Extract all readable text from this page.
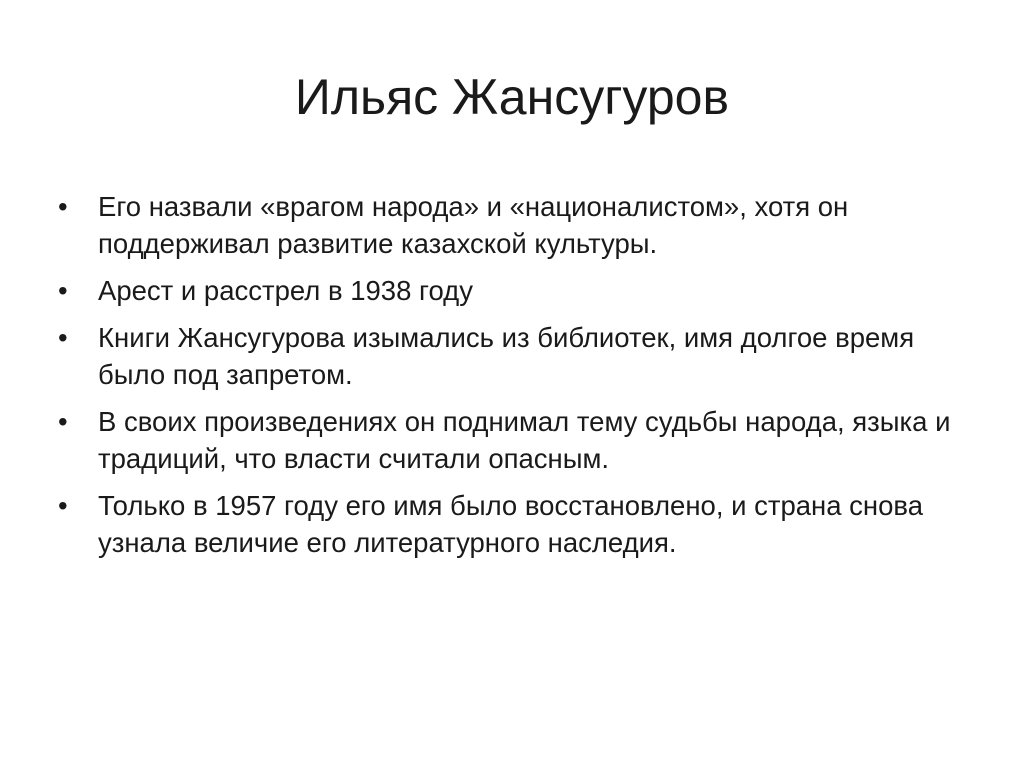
Ильяс Жансугуров
•	Его назвали «врагом народа» и «националистом», хотя он поддерживал развитие казахской культуры.
•	Арест и расстрел в 1938 году
•	Книги Жансугурова изымались из библиотек, имя долгое время было под запретом.
•	В своих произведениях он поднимал тему судьбы народа, языка и традиций, что власти считали опасным.
•	Только в 1957 году его имя было восстановлено, и страна снова узнала величие его литературного наследия.
